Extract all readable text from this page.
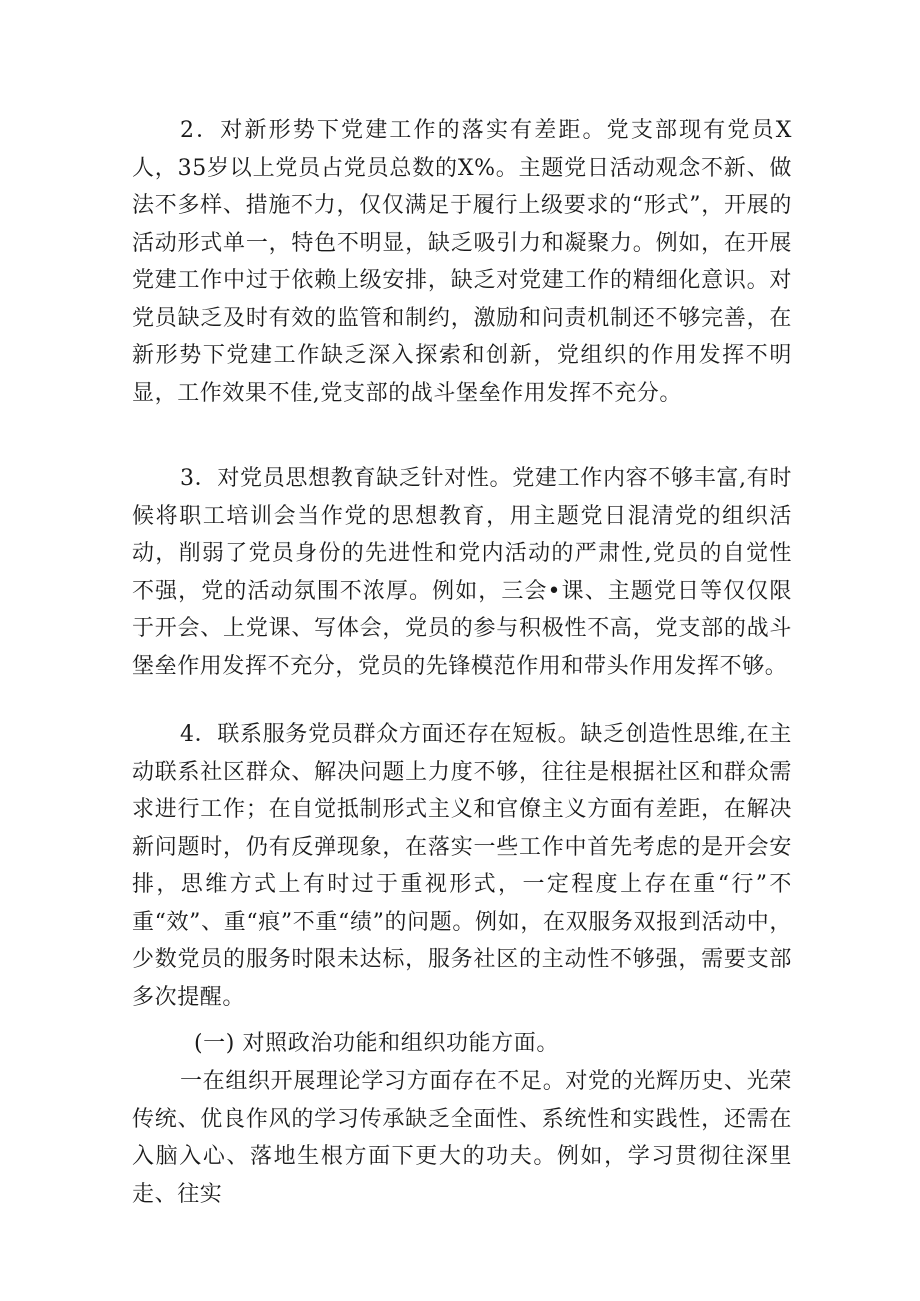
2．对新形势下党建工作的落实有差距。党支部现有党员X人，35岁以上党员占党员总数的X%。主题党日活动观念不新、做法不多样、措施不力，仅仅满足于履行上级要求的“形式”，开展的活动形式单一，特色不明显，缺乏吸引力和凝聚力。例如，在开展党建工作中过于依赖上级安排，缺乏对党建工作的精细化意识。对党员缺乏及时有效的监管和制约，激励和问责机制还不够完善，在新形势下党建工作缺乏深入探索和创新，党组织的作用发挥不明显，工作效果不佳,党支部的战斗堡垒作用发挥不充分。

3．对党员思想教育缺乏针对性。党建工作内容不够丰富,有时候将职工培训会当作党的思想教育，用主题党日混清党的组织活动，削弱了党员身份的先进性和党内活动的严肃性,党员的自觉性不强，党的活动氛围不浓厚。例如，三会•课、主题党日等仅仅限于开会、上党课、写体会，党员的参与积极性不高，党支部的战斗堡垒作用发挥不充分，党员的先锋模范作用和带头作用发挥不够。

4．联系服务党员群众方面还存在短板。缺乏创造性思维,在主动联系社区群众、解决问题上力度不够，往往是根据社区和群众需求进行工作；在自觉抵制形式主义和官僚主义方面有差距，在解决新问题时，仍有反弹现象，在落实一些工作中首先考虑的是开会安排，思维方式上有时过于重视形式，一定程度上存在重“行”不重“效”、重“痕”不重“绩”的问题。例如，在双服务双报到活动中，少数党员的服务时限未达标，服务社区的主动性不够强，需要支部多次提醒。

(一) 对照政治功能和组织功能方面。

一在组织开展理论学习方面存在不足。对党的光辉历史、光荣传统、优良作风的学习传承缺乏全面性、系统性和实践性，还需在入脑入心、落地生根方面下更大的功夫。例如，学习贯彻往深里走、往实
